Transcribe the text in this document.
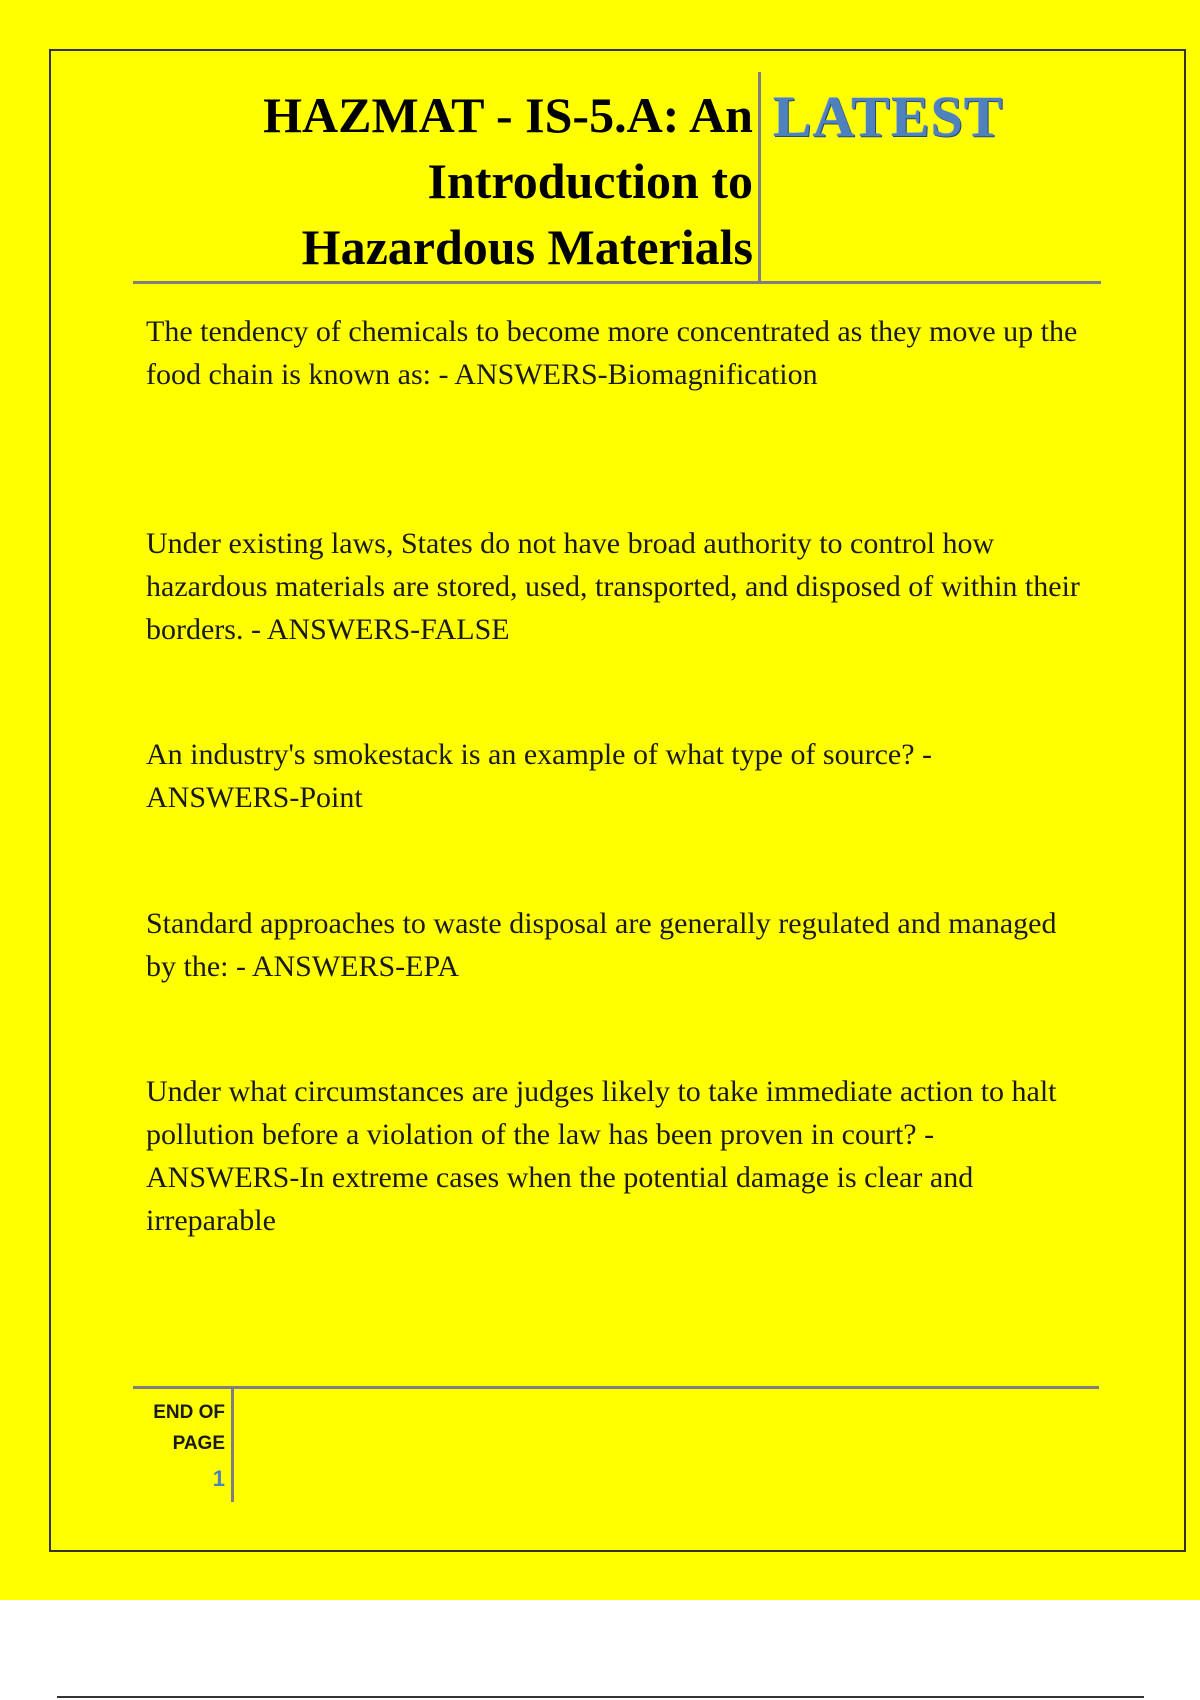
HAZMAT - IS-5.A: An
Introduction to
Hazardous Materials
LATEST

The tendency of chemicals to become more concentrated as they move up the food chain is known as: - ANSWERS-Biomagnification

Under existing laws, States do not have broad authority to control how hazardous materials are stored, used, transported, and disposed of within their borders. - ANSWERS-FALSE

An industry's smokestack is an example of what type of source? - ANSWERS-Point

Standard approaches to waste disposal are generally regulated and managed by the: - ANSWERS-EPA

Under what circumstances are judges likely to take immediate action to halt pollution before a violation of the law has been proven in court? - ANSWERS-In extreme cases when the potential damage is clear and irreparable

END OF
PAGE
1
